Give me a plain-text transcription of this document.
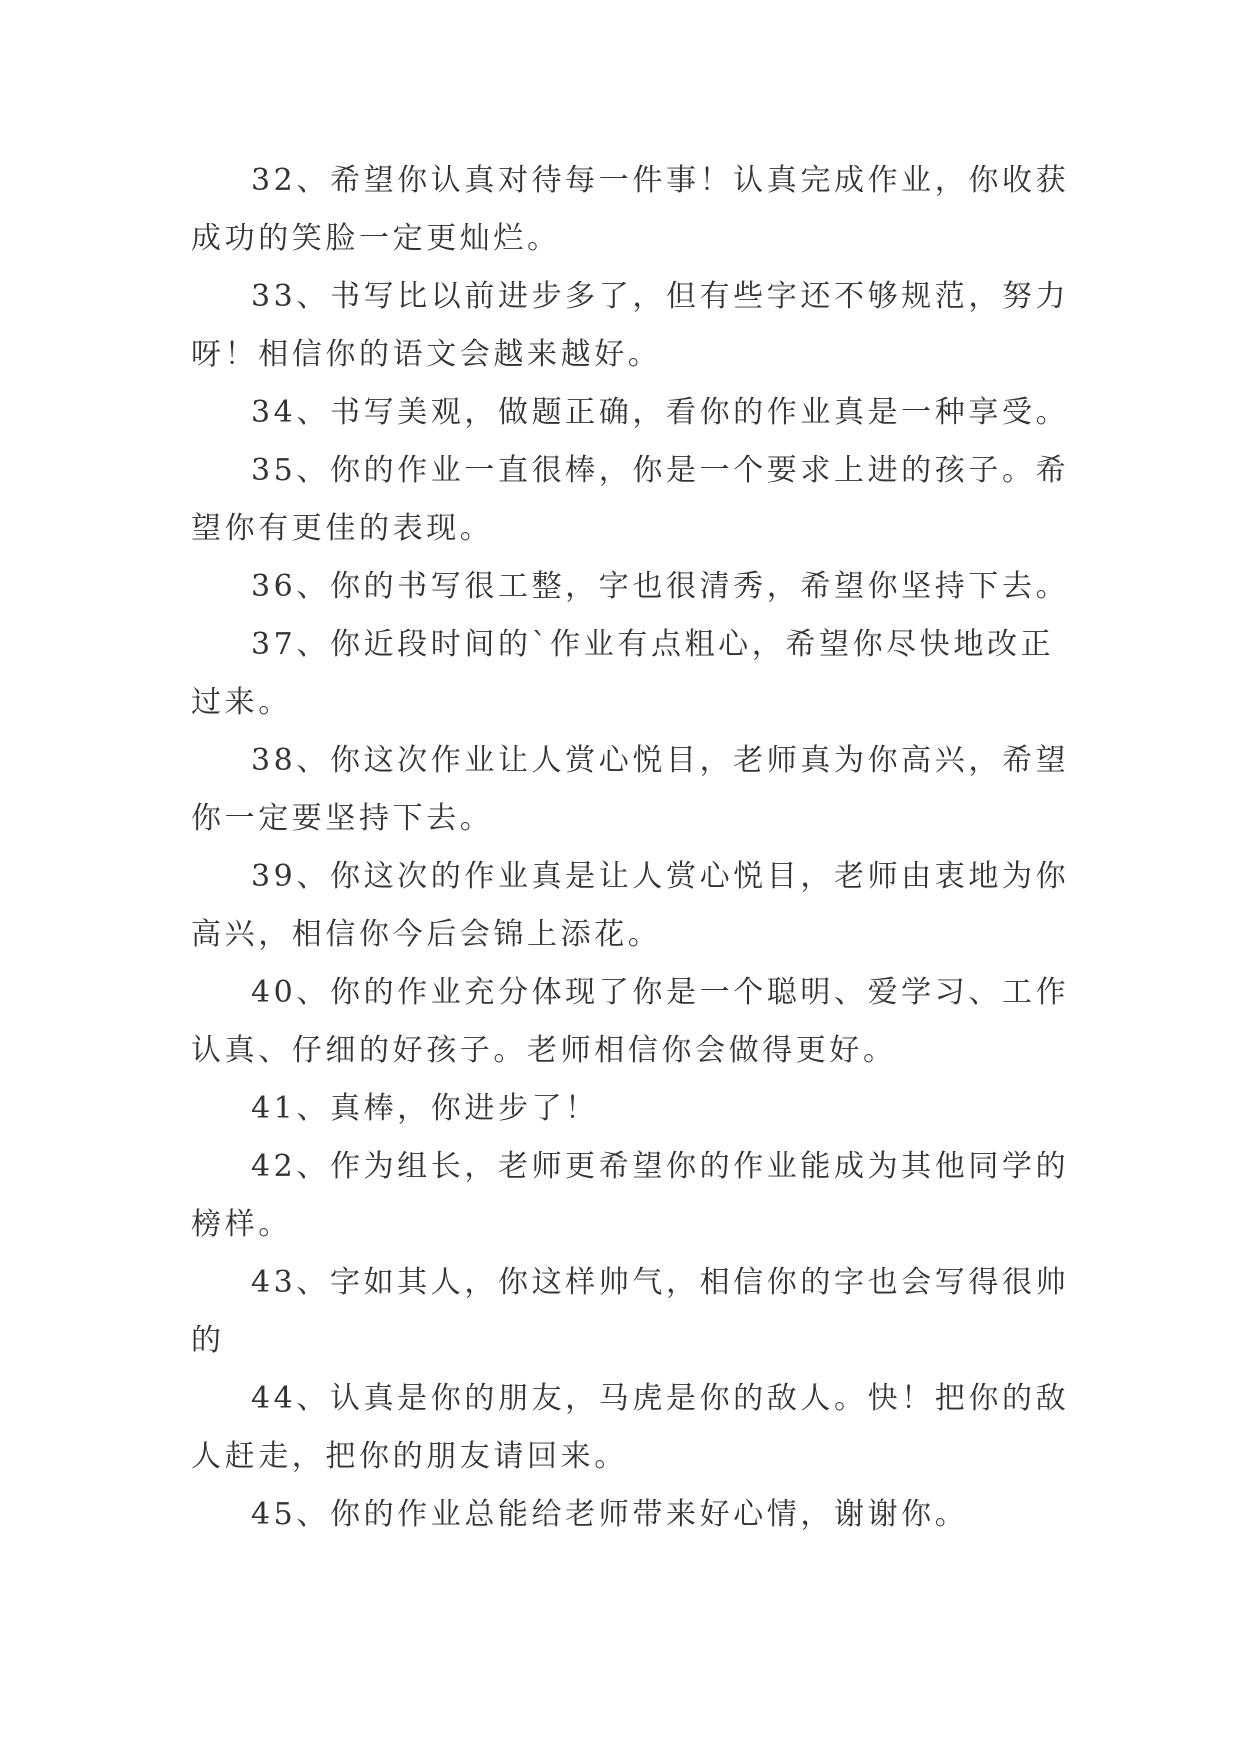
32、希望你认真对待每一件事！认真完成作业，你收获成功的笑脸一定更灿烂。

33、书写比以前进步多了，但有些字还不够规范，努力呀！相信你的语文会越来越好。

34、书写美观，做题正确，看你的作业真是一种享受。

35、你的作业一直很棒，你是一个要求上进的孩子。希望你有更佳的表现。

36、你的书写很工整，字也很清秀，希望你坚持下去。

37、你近段时间的`作业有点粗心，希望你尽快地改正过来。

38、你这次作业让人赏心悦目，老师真为你高兴，希望你一定要坚持下去。

39、你这次的作业真是让人赏心悦目，老师由衷地为你高兴，相信你今后会锦上添花。

40、你的作业充分体现了你是一个聪明、爱学习、工作认真、仔细的好孩子。老师相信你会做得更好。

41、真棒，你进步了！

42、作为组长，老师更希望你的作业能成为其他同学的榜样。

43、字如其人，你这样帅气，相信你的字也会写得很帅的

44、认真是你的朋友，马虎是你的敌人。快！把你的敌人赶走，把你的朋友请回来。

45、你的作业总能给老师带来好心情，谢谢你。
